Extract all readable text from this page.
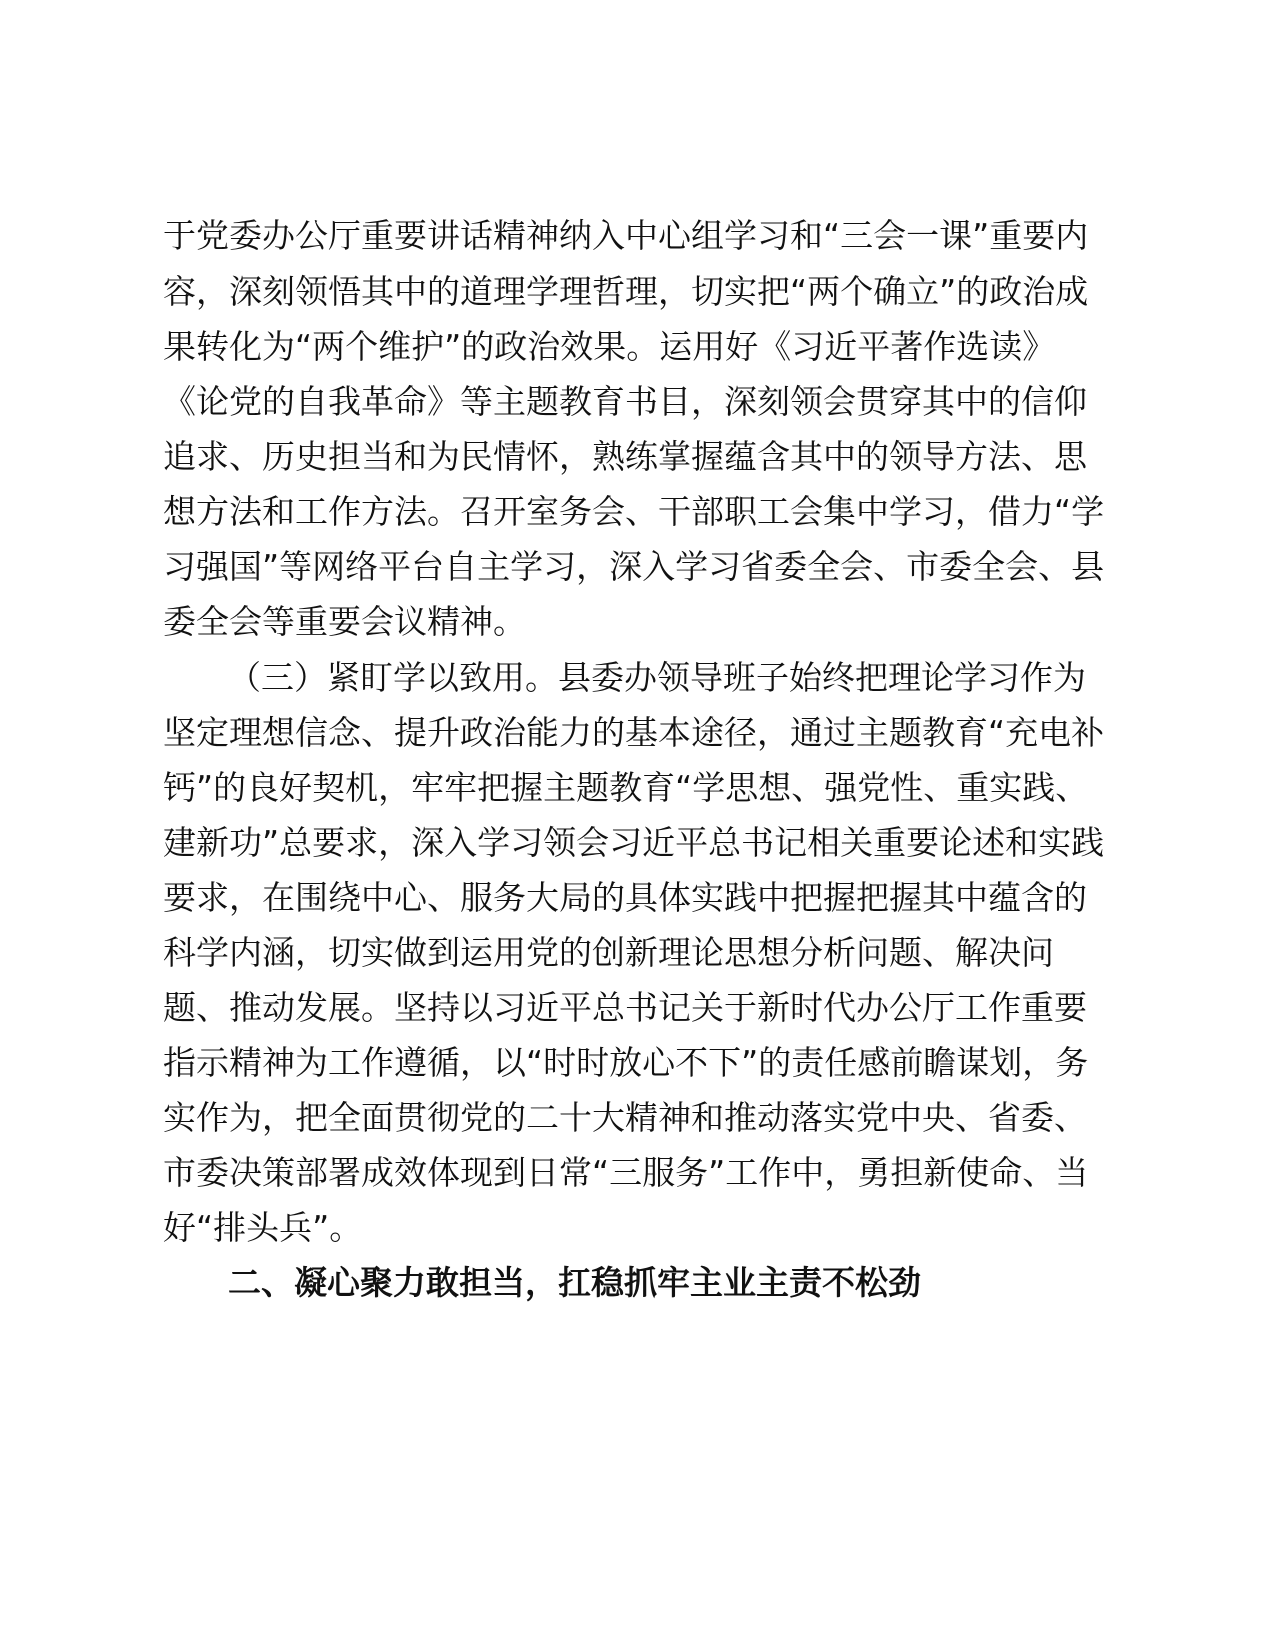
于党委办公厅重要讲话精神纳入中心组学习和“三会一课”重要内

容，深刻领悟其中的道理学理哲理，切实把“两个确立”的政治成

果转化为“两个维护”的政治效果。运用好《习近平著作选读》

《论党的自我革命》等主题教育书目，深刻领会贯穿其中的信仰

追求、历史担当和为民情怀，熟练掌握蕴含其中的领导方法、思

想方法和工作方法。召开室务会、干部职工会集中学习，借力“学

习强国”等网络平台自主学习，深入学习省委全会、市委全会、县

委全会等重要会议精神。

（三）紧盯学以致用。县委办领导班子始终把理论学习作为

坚定理想信念、提升政治能力的基本途径，通过主题教育“充电补

钙”的良好契机，牢牢把握主题教育“学思想、强党性、重实践、

建新功”总要求，深入学习领会习近平总书记相关重要论述和实践

要求，在围绕中心、服务大局的具体实践中把握把握其中蕴含的

科学内涵，切实做到运用党的创新理论思想分析问题、解决问

题、推动发展。坚持以习近平总书记关于新时代办公厅工作重要

指示精神为工作遵循，以“时时放心不下”的责任感前瞻谋划，务

实作为，把全面贯彻党的二十大精神和推动落实党中央、省委、

市委决策部署成效体现到日常“三服务”工作中，勇担新使命、当

好“排头兵”。

二、凝心聚力敢担当，扛稳抓牢主业主责不松劲
